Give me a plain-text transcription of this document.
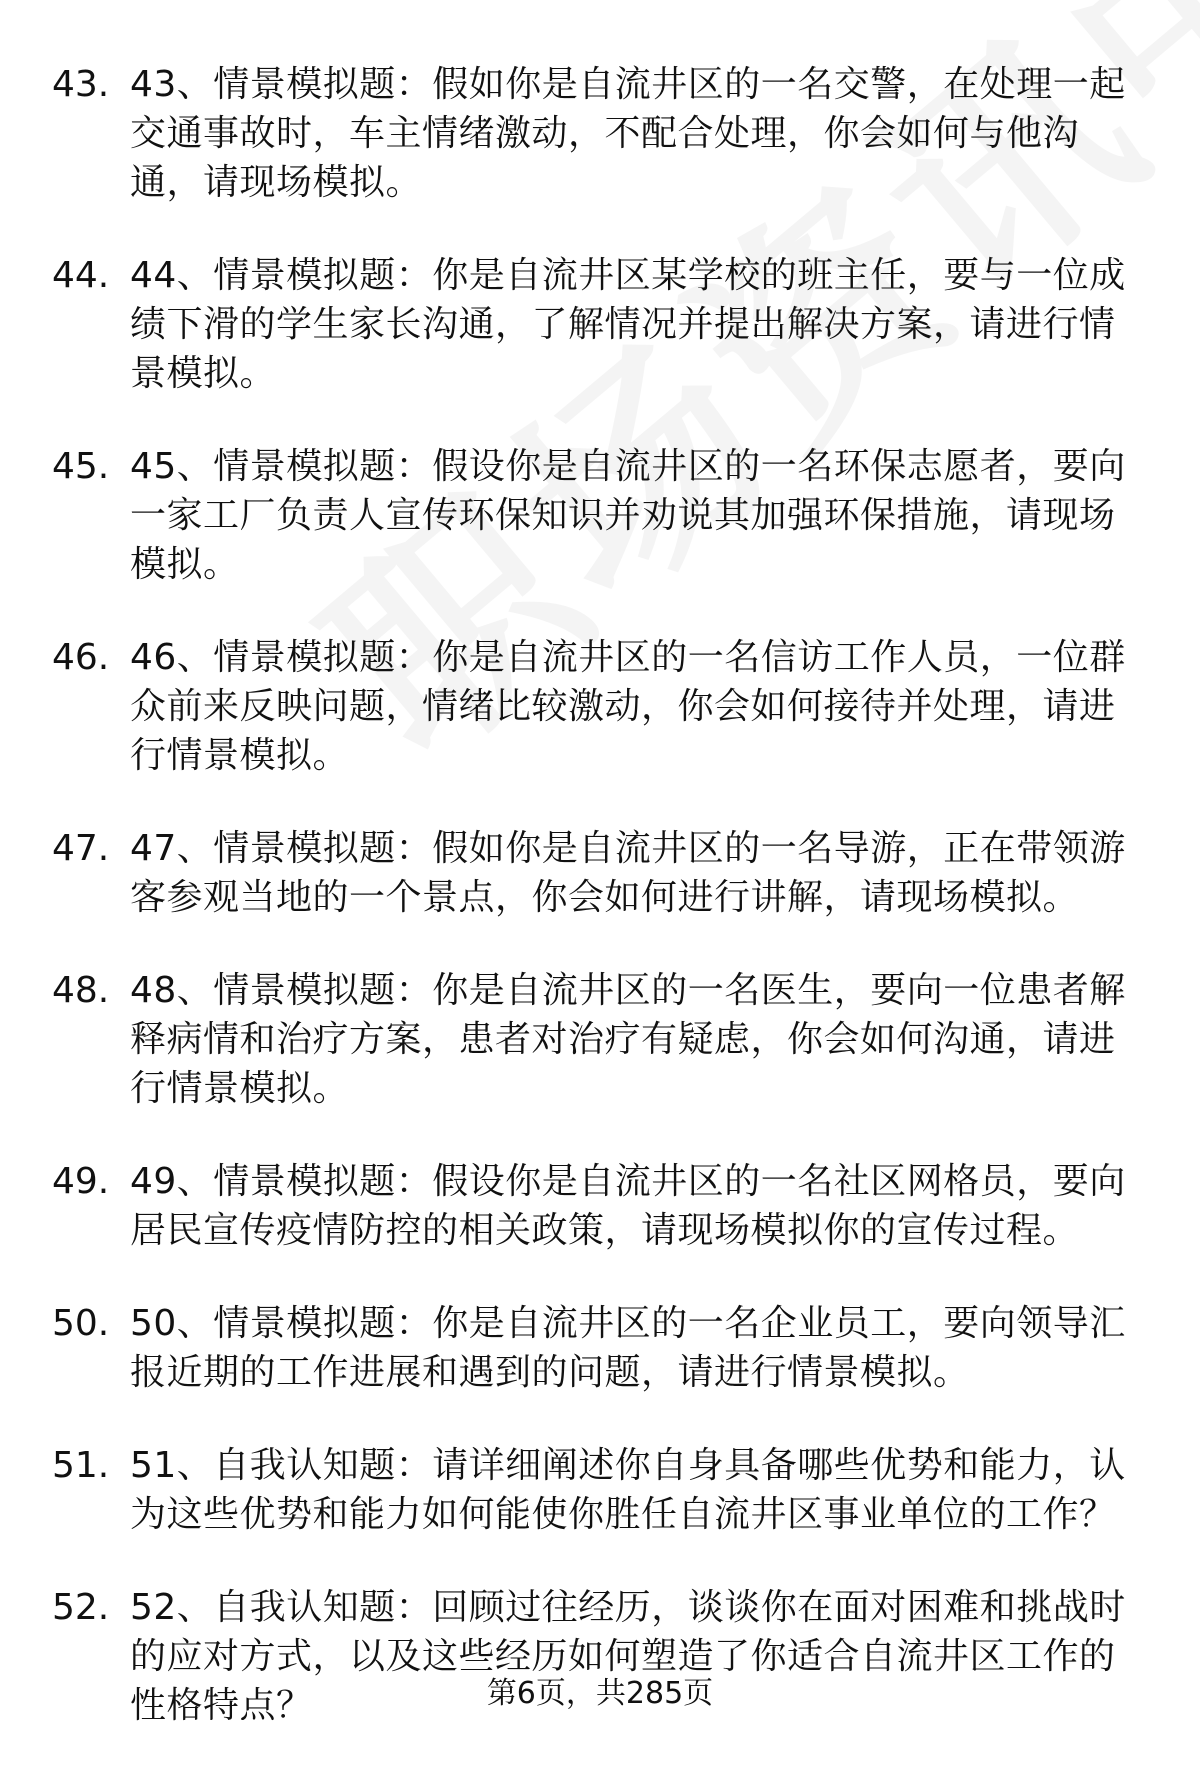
43. 43、情景模拟题：假如你是自流井区的一名交警，在处理一起交通事故时，车主情绪激动，不配合处理，你会如何与他沟通，请现场模拟。
44. 44、情景模拟题：你是自流井区某学校的班主任，要与一位成绩下滑的学生家长沟通，了解情况并提出解决方案，请进行情景模拟。
45. 45、情景模拟题：假设你是自流井区的一名环保志愿者，要向一家工厂负责人宣传环保知识并劝说其加强环保措施，请现场模拟。
46. 46、情景模拟题：你是自流井区的一名信访工作人员，一位群众前来反映问题，情绪比较激动，你会如何接待并处理，请进行情景模拟。
47. 47、情景模拟题：假如你是自流井区的一名导游，正在带领游客参观当地的一个景点，你会如何进行讲解，请现场模拟。
48. 48、情景模拟题：你是自流井区的一名医生，要向一位患者解释病情和治疗方案，患者对治疗有疑虑，你会如何沟通，请进行情景模拟。
49. 49、情景模拟题：假设你是自流井区的一名社区网格员，要向居民宣传疫情防控的相关政策，请现场模拟你的宣传过程。
50. 50、情景模拟题：你是自流井区的一名企业员工，要向领导汇报近期的工作进展和遇到的问题，请进行情景模拟。
51. 51、自我认知题：请详细阐述你自身具备哪些优势和能力，认为这些优势和能力如何能使你胜任自流井区事业单位的工作？
52. 52、自我认知题：回顾过往经历，谈谈你在面对困难和挑战时的应对方式，以及这些经历如何塑造了你适合自流井区工作的性格特点？	第6页，共285页
